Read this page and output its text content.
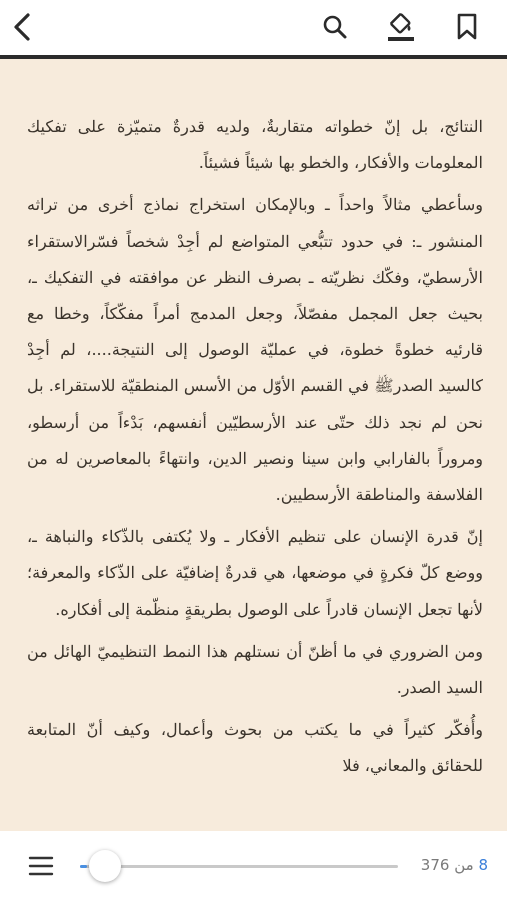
النتائج، بل إنّ خطواته متقاربةٌ، ولديه قدرةٌ متميّزة على تفكيك المعلومات والأفكار، والخطو بها شيئاً فشيئاً.

وسأعطي مثالاً واحداً ـ وبالإمكان استخراج نماذج أخرى من تراثه المنشور ـ: في حدود تتبُّعي المتواضع لم أجِدْ شخصاً فسّرالاستقراء الأرسطيّ، وفكّك نظريّته ـ بصرف النظر عن موافقته في التفكيك ـ، بحيث جعل المجمل مفصّلاً، وجعل المدمج أمراً مفكّكاً، وخطا مع قارئيه خطوةً خطوة، في عمليّة الوصول إلى النتيجة....، لم أجِدْ كالسيد الصدرﷺ في القسم الأوّل من الأسس المنطقيّة للاستقراء. بل نحن لم نجد ذلك حتّى عند الأرسطيّين أنفسهم، بَدْءاً من أرسطو، ومروراً بالفارابي وابن سينا ونصير الدين، وانتهاءً بالمعاصرين له من الفلاسفة والمناطقة الأرسطيين.

إنّ قدرة الإنسان على تنظيم الأفكار ـ ولا يُكتفى بالذّكاء والنباهة ـ، ووضع كلّ فكرةٍ في موضعها، هي قدرةٌ إضافيّة على الذّكاء والمعرفة؛ لأنها تجعل الإنسان قادراً على الوصول بطريقةٍ منظّمة إلى أفكاره.

ومن الضروري في ما أظنّ أن نستلهم هذا النمط التنظيميّ الهائل من السيد الصدر.

وأُفكّر كثيراً في ما يكتب من بحوث وأعمال، وكيف أنّ المتابعة للحقائق والمعاني، فلا

8 من 376
